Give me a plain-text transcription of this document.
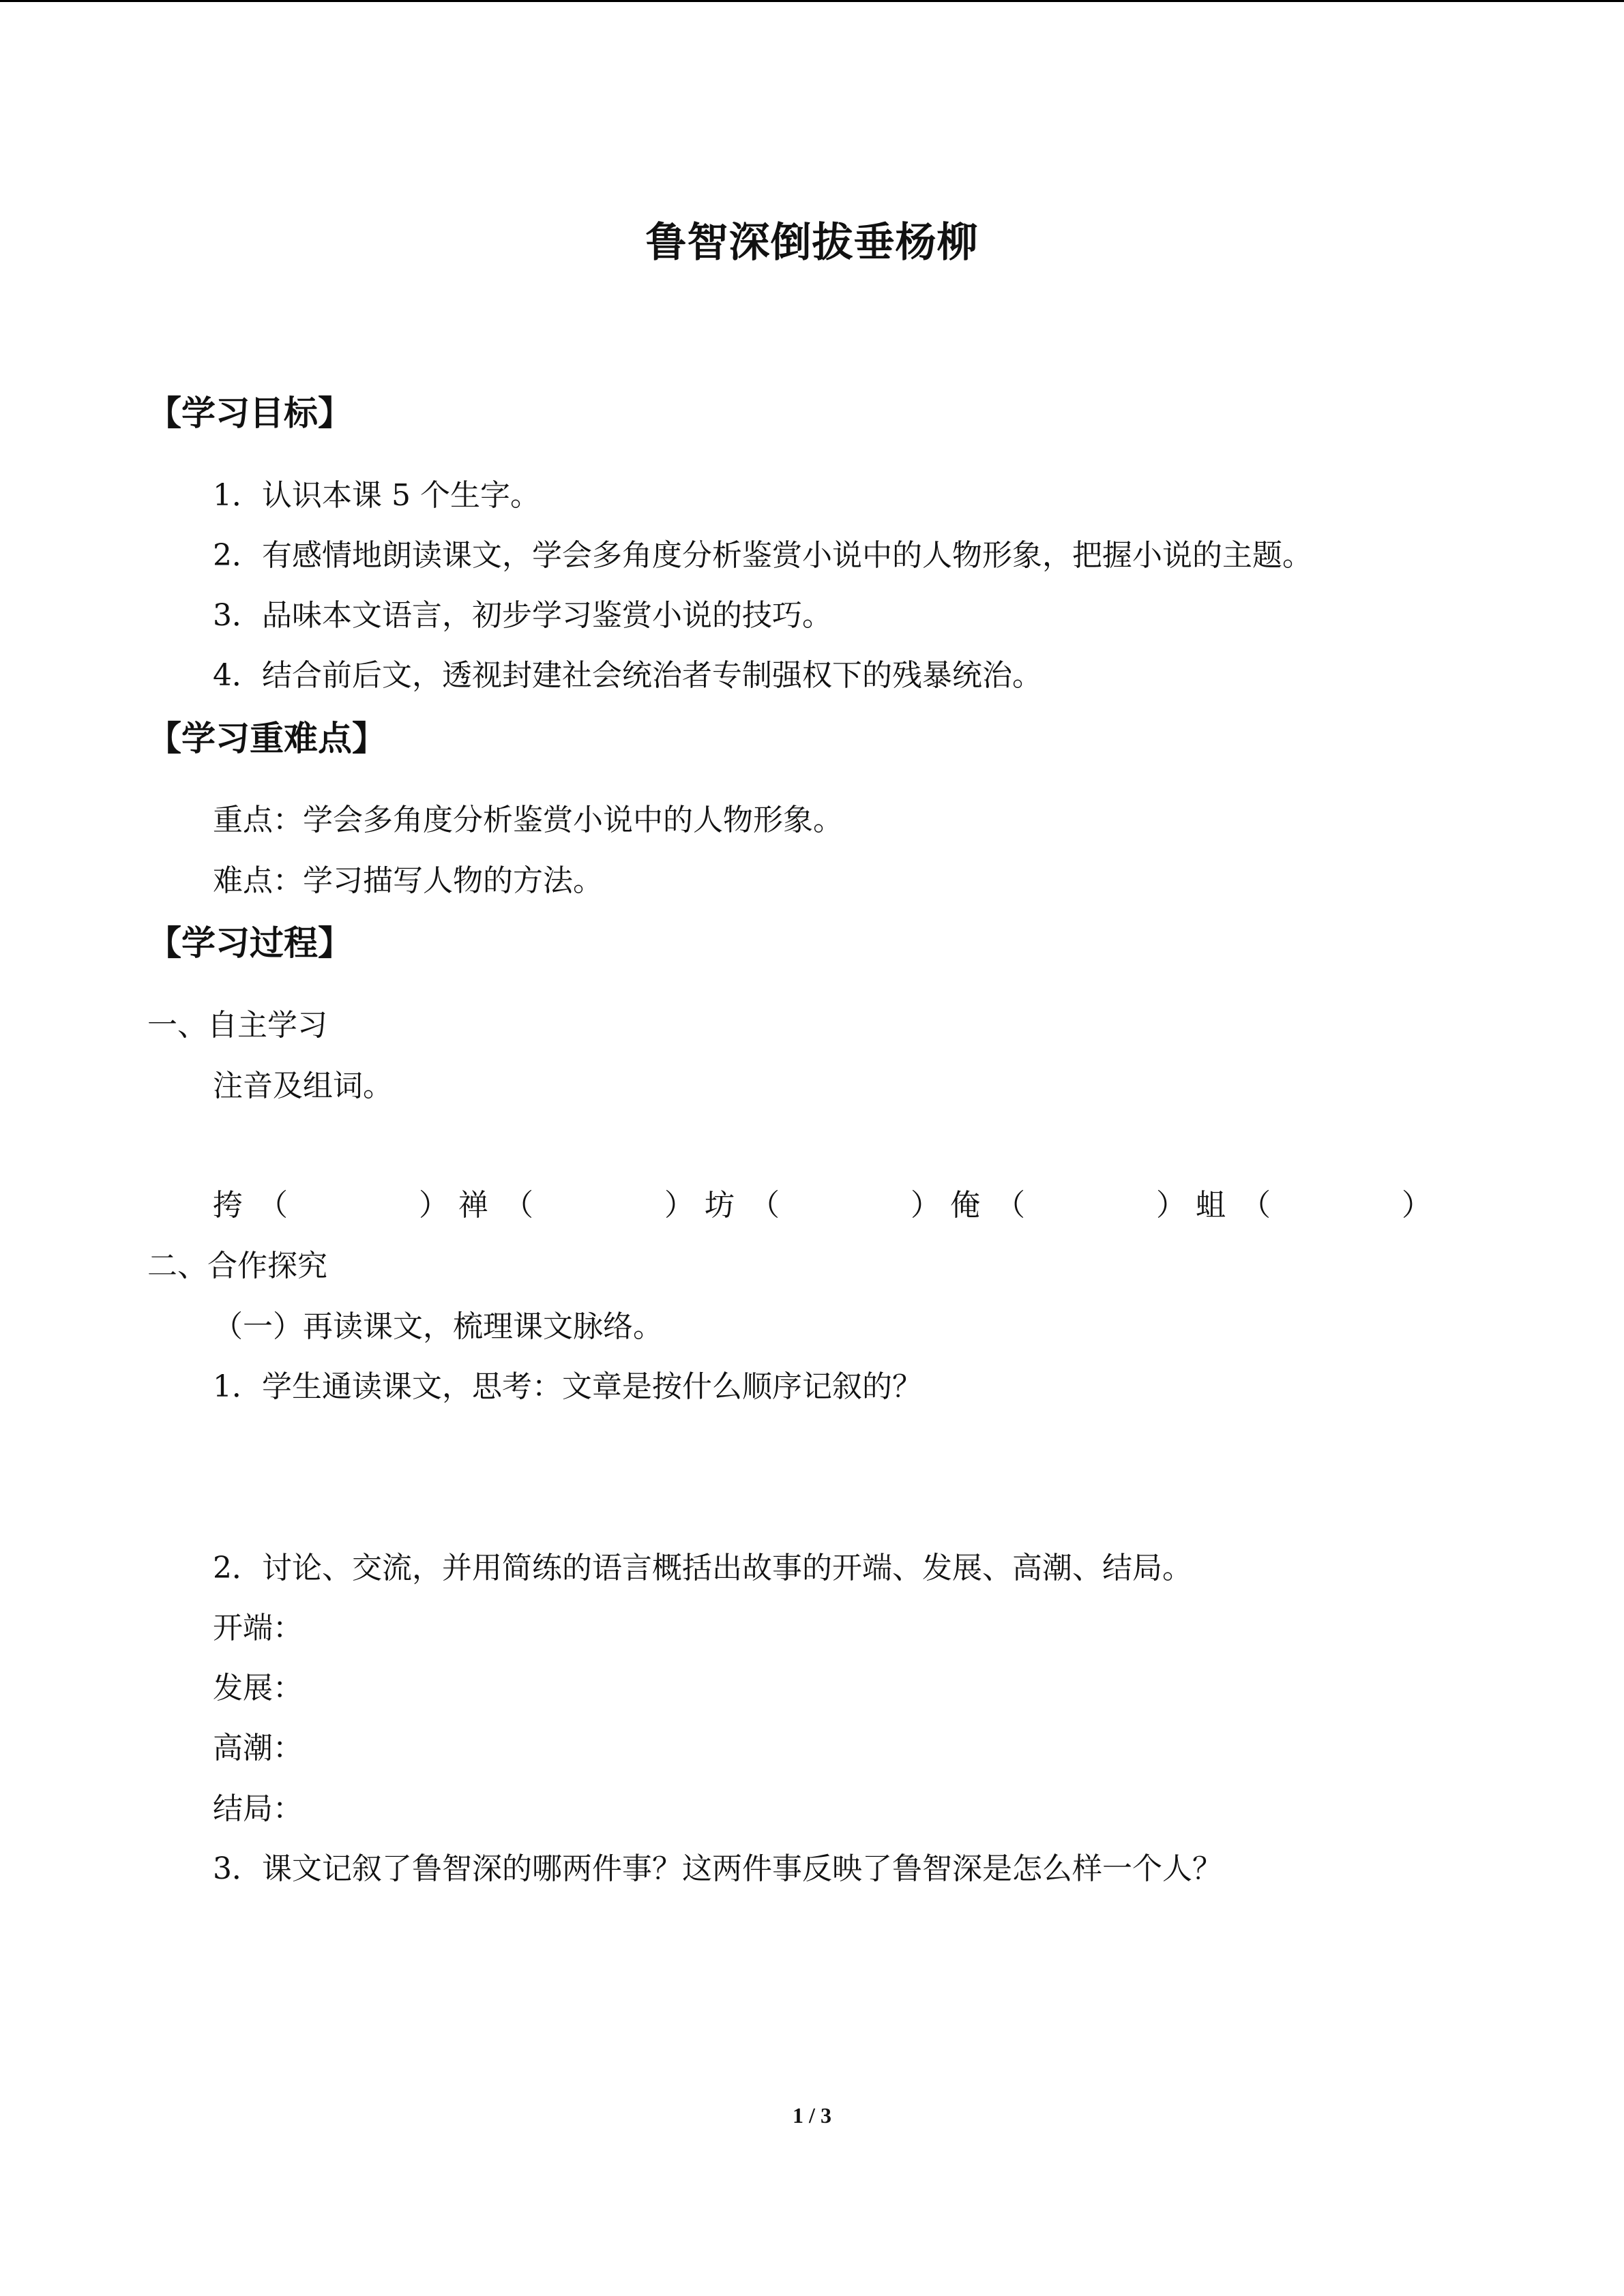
鲁智深倒拔垂杨柳
【学习目标】
1．认识本课 5 个生字。
2．有感情地朗读课文，学会多角度分析鉴赏小说中的人物形象，把握小说的主题。
3．品味本文语言，初步学习鉴赏小说的技巧。
4．结合前后文，透视封建社会统治者专制强权下的残暴统治。
【学习重难点】
重点：学会多角度分析鉴赏小说中的人物形象。
难点：学习描写人物的方法。
【学习过程】
一、自主学习
注音及组词。
挎 （	） 禅 （	） 坊 （	） 俺 （	） 蛆 （	）
二、合作探究
（一）再读课文，梳理课文脉络。
1．学生通读课文，思考：文章是按什么顺序记叙的？
2．讨论、交流，并用简练的语言概括出故事的开端、发展、高潮、结局。
开端：
发展：
高潮：
结局：
3．课文记叙了鲁智深的哪两件事？这两件事反映了鲁智深是怎么样一个人？
1 / 3
